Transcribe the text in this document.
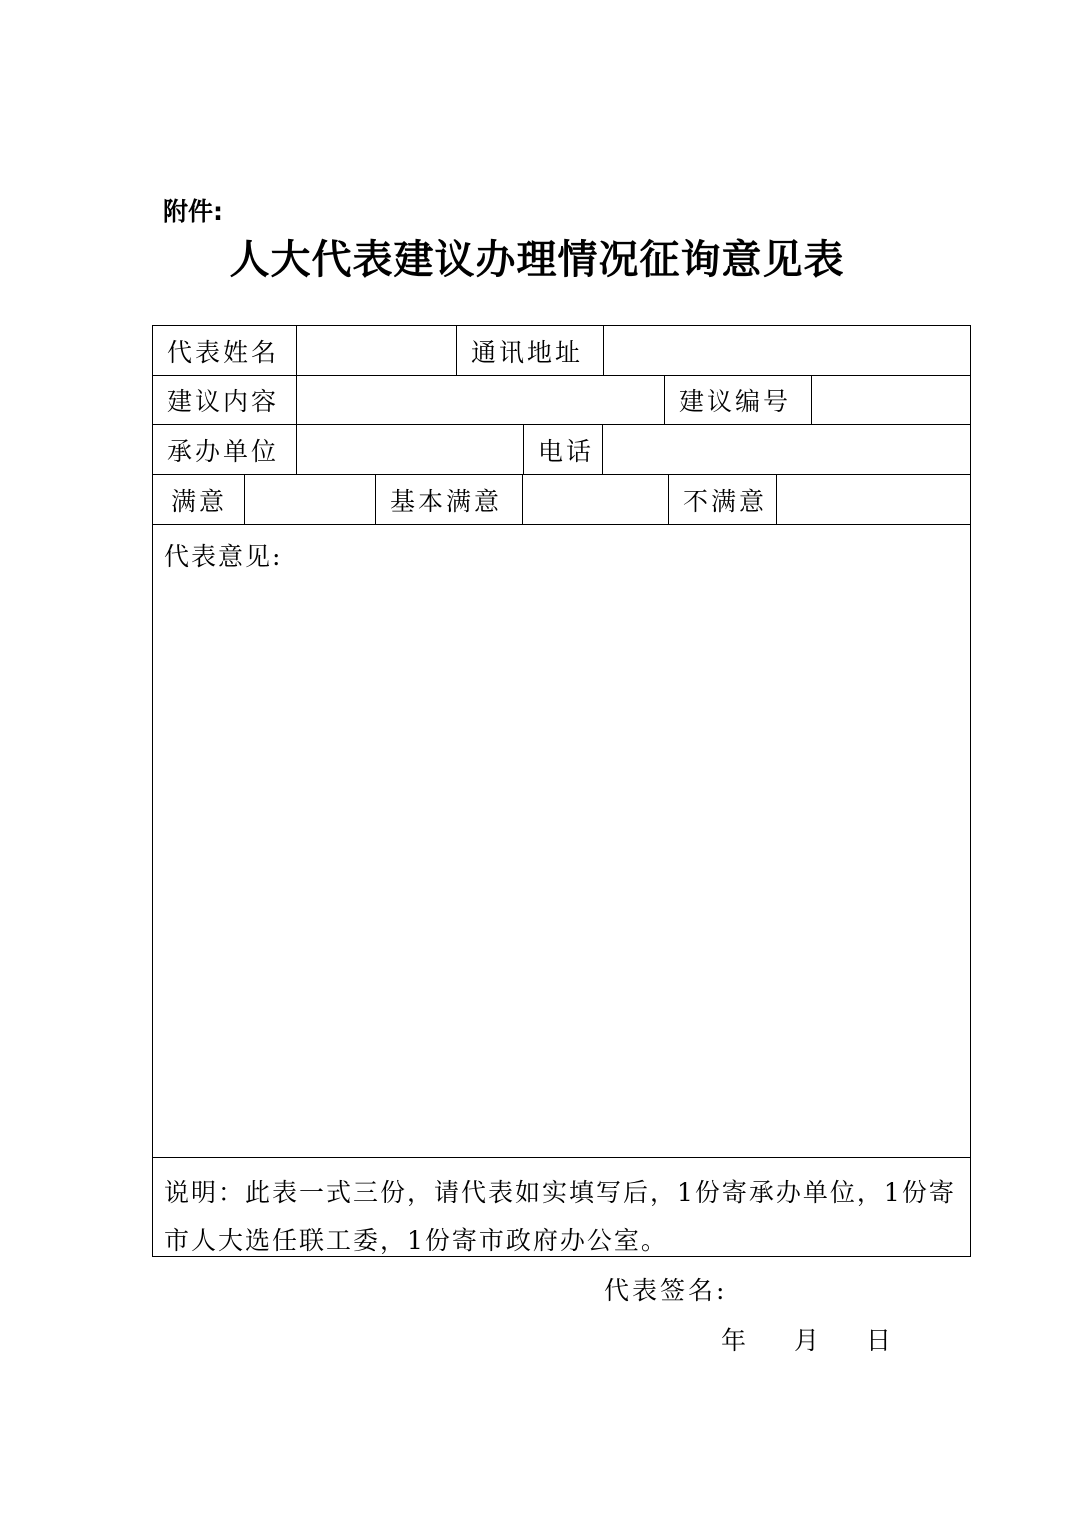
附件:
人大代表建议办理情况征询意见表
代表姓名	通讯地址
建议内容	建议编号
承办单位	电话
满意	基本满意	不满意
代表意见:
说明：此表一式三份，请代表如实填写后，1份寄承办单位，1份寄市人大选任联工委，1份寄市政府办公室。
代表签名:
年 月 日
